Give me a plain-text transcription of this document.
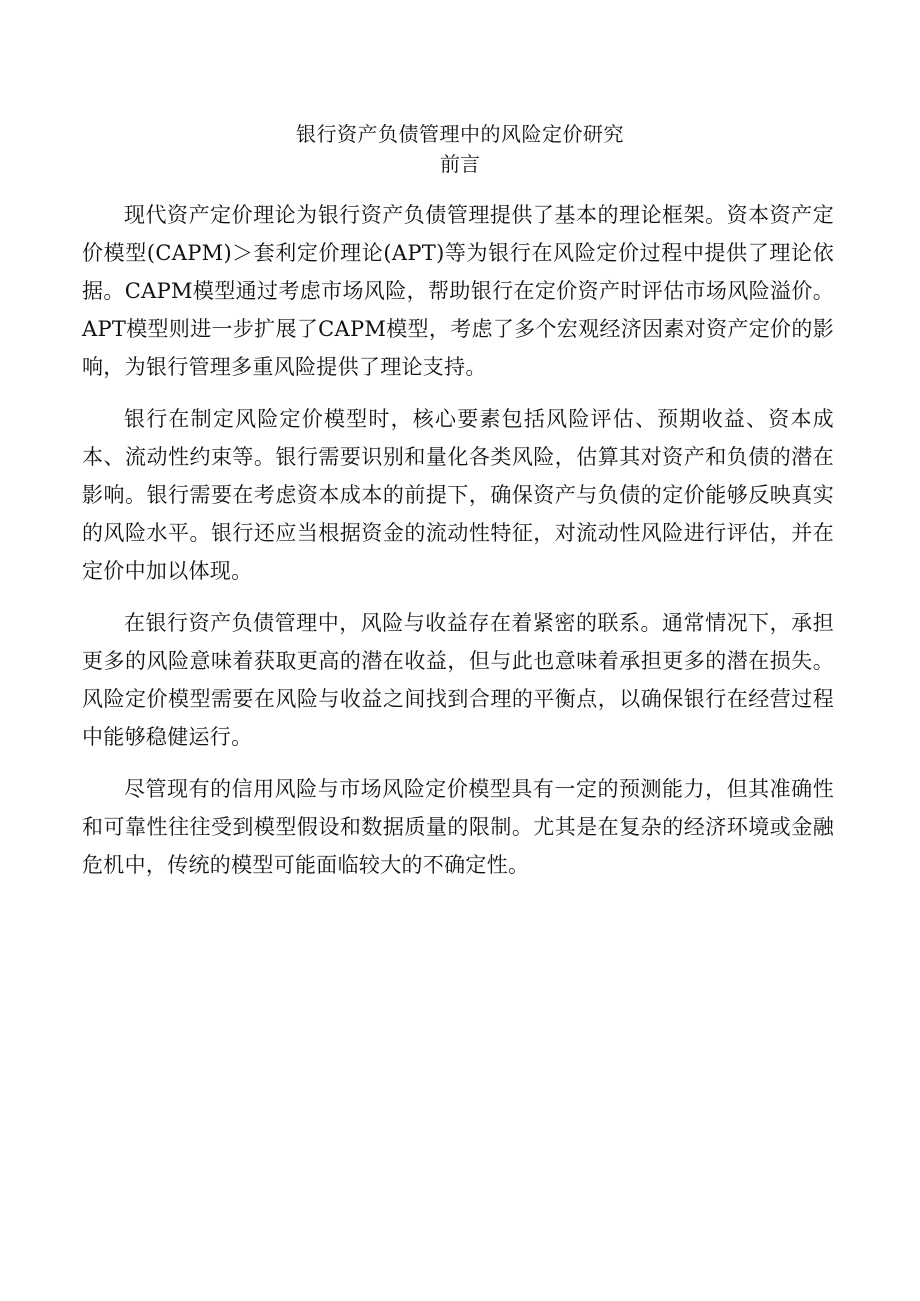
银行资产负债管理中的风险定价研究
前言

现代资产定价理论为银行资产负债管理提供了基本的理论框架。资本资产定价模型(CAPM)＞套利定价理论(APT)等为银行在风险定价过程中提供了理论依据。CAPM模型通过考虑市场风险，帮助银行在定价资产时评估市场风险溢价。APT模型则进一步扩展了CAPM模型，考虑了多个宏观经济因素对资产定价的影响，为银行管理多重风险提供了理论支持。

银行在制定风险定价模型时，核心要素包括风险评估、预期收益、资本成本、流动性约束等。银行需要识别和量化各类风险，估算其对资产和负债的潜在影响。银行需要在考虑资本成本的前提下，确保资产与负债的定价能够反映真实的风险水平。银行还应当根据资金的流动性特征，对流动性风险进行评估，并在定价中加以体现。

在银行资产负债管理中，风险与收益存在着紧密的联系。通常情况下，承担更多的风险意味着获取更高的潜在收益，但与此也意味着承担更多的潜在损失。风险定价模型需要在风险与收益之间找到合理的平衡点，以确保银行在经营过程中能够稳健运行。

尽管现有的信用风险与市场风险定价模型具有一定的预测能力，但其准确性和可靠性往往受到模型假设和数据质量的限制。尤其是在复杂的经济环境或金融危机中，传统的模型可能面临较大的不确定性。
